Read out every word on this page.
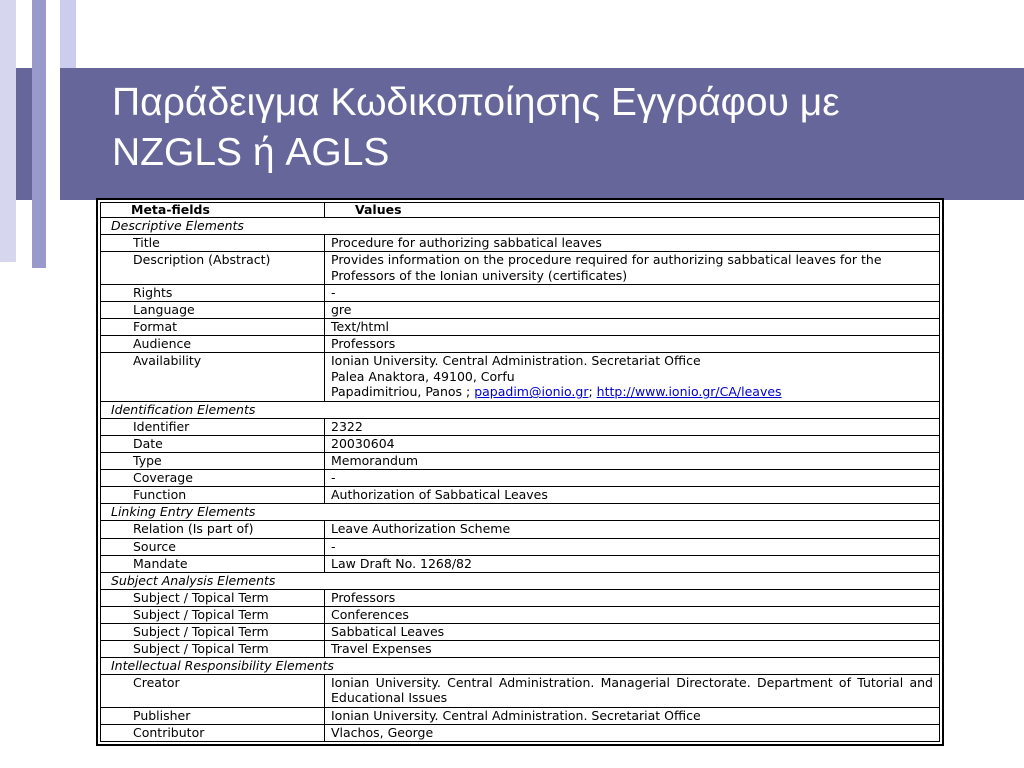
Παράδειγμα Κωδικοποίησης Εγγράφου με
NZGLS ή AGLS
Meta-fields	Values
Descriptive Elements	
Title	Procedure for authorizing sabbatical leaves
Description (Abstract)	Provides information on the procedure required for authorizing sabbatical leaves for the Professors of the Ionian university (certificates)
Rights	-
Language	gre
Format	Text/html
Audience	Professors
Availability	Ionian University. Central Administration. Secretariat Office
Palea Anaktora, 49100, Corfu
Papadimitriou, Panos ; papadim@ionio.gr; http://www.ionio.gr/CA/leaves
Identification Elements	
Identifier	2322
Date	20030604
Type	Memorandum
Coverage	-
Function	Authorization of Sabbatical Leaves
Linking Entry Elements	
Relation (Is part of)	Leave Authorization Scheme
Source	-
Mandate	Law Draft No. 1268/82
Subject Analysis Elements	
Subject / Topical Term	Professors
Subject / Topical Term	Conferences
Subject / Topical Term	Sabbatical Leaves
Subject / Topical Term	Travel Expenses
Intellectual Responsibility Elements	
Creator	Ionian University. Central Administration. Managerial Directorate. Department of Tutorial and Educational Issues
Publisher	Ionian University. Central Administration. Secretariat Office
Contributor	Vlachos, George
